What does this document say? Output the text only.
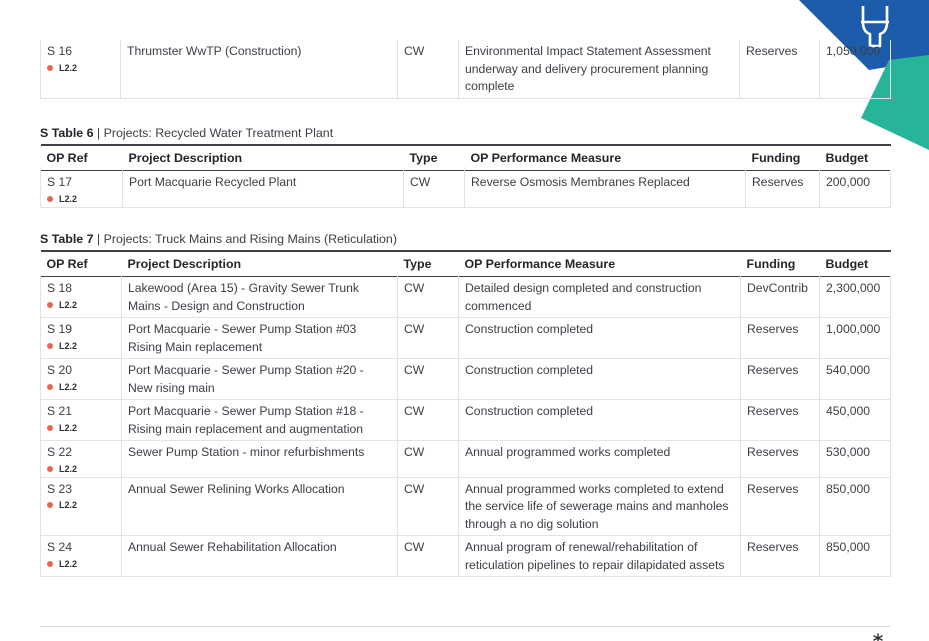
S 16
L2.2
	Thrumster WwTP (Construction)	CW	Environmental Impact Statement Assessment underway and delivery procurement planning complete	Reserves	1,050,000

S Table 6 | Projects: Recycled Water Treatment Plant

OP Ref	Project Description	Type	OP Performance Measure	Funding	Budget

S 17
L2.2	Port Macquarie Recycled Plant	CW	Reverse Osmosis Membranes Replaced	Reserves	200,000

S Table 7 | Projects: Truck Mains and Rising Mains (Reticulation)

OP Ref	Project Description	Type	OP Performance Measure	Funding	Budget

S 18
L2.2	Lakewood (Area 15) - Gravity Sewer Trunk Mains - Design and Construction	CW	Detailed design completed and construction commenced	DevContrib	2,300,000

S 19
L2.2	Port Macquarie - Sewer Pump Station #03 Rising Main replacement	CW	Construction completed	Reserves	1,000,000

S 20
L2.2	Port Macquarie - Sewer Pump Station #20 - New rising main	CW	Construction completed	Reserves	540,000

S 21
L2.2	Port Macquarie - Sewer Pump Station #18 - Rising main replacement and augmentation	CW	Construction completed	Reserves	450,000

S 22
L2.2	Sewer Pump Station - minor refurbishments	CW	Annual programmed works completed	Reserves	530,000

S 23
L2.2	Annual Sewer Relining Works Allocation	CW	Annual programmed works completed to extend the service life of sewerage mains and manholes through a no dig solution	Reserves	850,000

S 24
L2.2	Annual Sewer Rehabilitation Allocation	CW	Annual program of renewal/rehabilitation of reticulation pipelines to repair dilapidated assets	Reserves	850,000
